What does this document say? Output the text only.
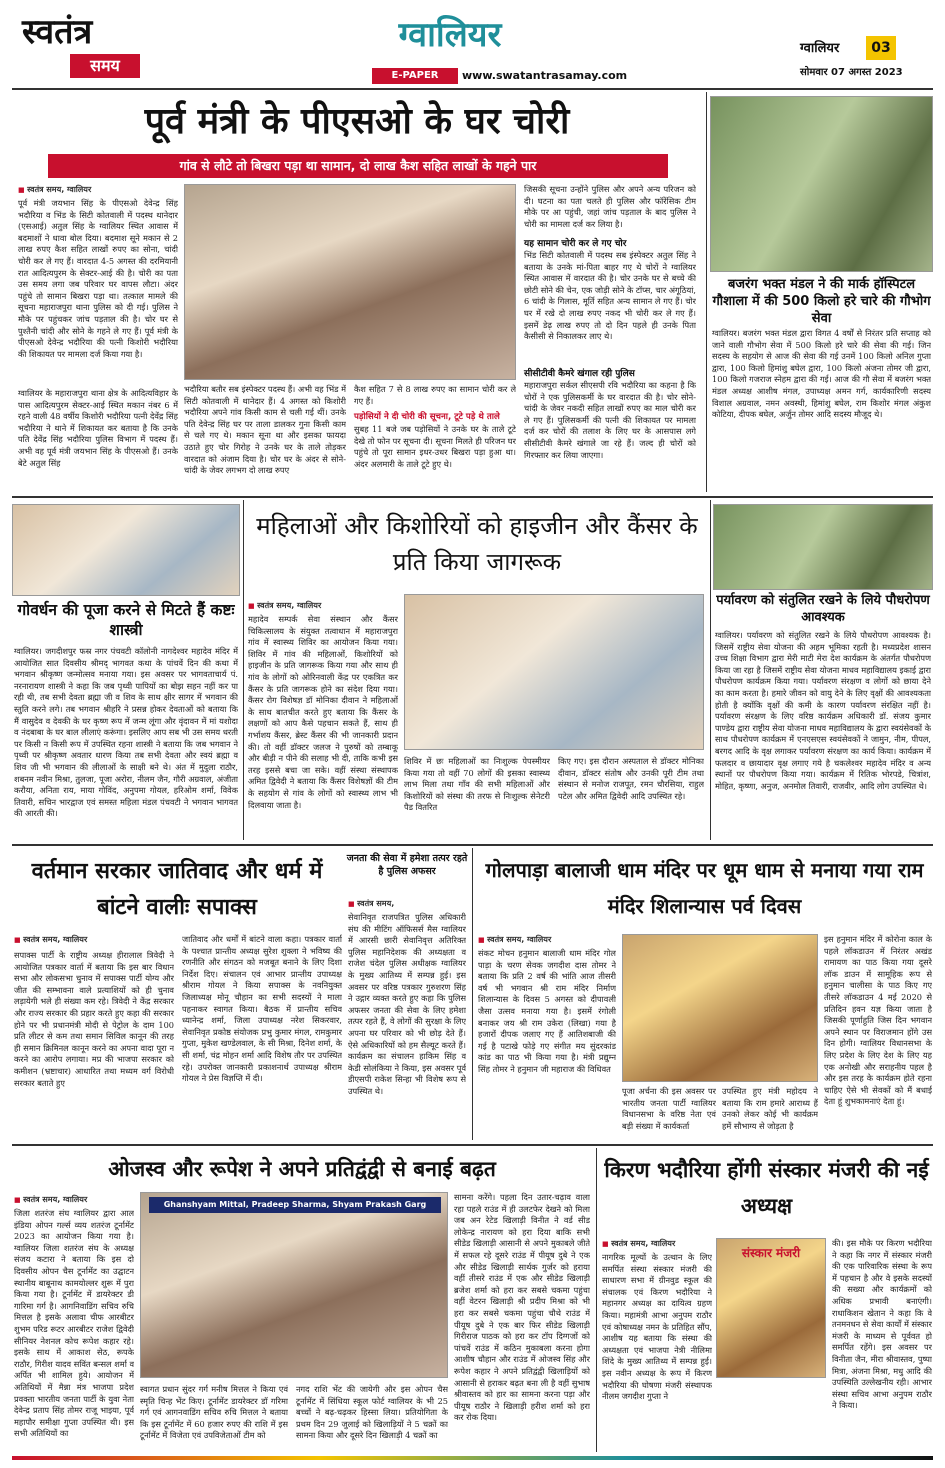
स्वतंत्र
समय
ग्वालियर
E-PAPER	www.swatantrasamay.com
ग्वालियर	03
सोमवार 07 अगस्त 2023
पूर्व मंत्री के पीएसओ के घर चोरी
गांव से लौटे तो बिखरा पड़ा था सामान, दो लाख कैश सहित लाखों के गहने पार
■ स्वतंत्र समय, ग्वालियर
पूर्व मंत्री जयभान सिंह के पीएसओ देवेन्द्र सिंह भदौरिया व भिंड के सिटी कोतवाली में पदस्थ थानेदार (एसआई) अतुल सिंह के ग्वालियर स्थित आवास में बदमाशों ने धावा बोल दिया। बदमाश सूने मकान से 2 लाख रुपए कैश सहित लाखों रुपए का सोना, चांदी चोरी कर ले गए हैं। वारदात 4-5 अगस्त की दरमियानी रात आदित्यपुरम के सेक्टर-आई की है। चोरी का पता उस समय लगा जब परिवार घर वापस लौटा। अंदर पहुंचे तो सामान बिखरा पड़ा था। तत्काल मामले की सूचना महाराजपुरा थाना पुलिस को दी गई। पुलिस ने मौके पर पहुंचकर जांच पड़ताल की है। चोर घर से पुश्तैनी चांदी और सोने के गहने ले गए हैं। पूर्व मंत्री के पीएसओ देवेन्द्र भदौरिया की पत्नी किशोरी भदौरिया की शिकायत पर मामला दर्ज किया गया है।
ग्वालियर के महाराजपुरा थाना क्षेत्र के आदित्यविहार के पास आदित्यपुरम सेक्टर-आई स्थित मकान नंबर 6 में रहने वाली 48 वर्षीय किशोरी भदौरिया पत्नी देवेंद्र सिंह भदौरिया ने थाने में शिकायत कर बताया है कि उनके पति देवेंद्र सिंह भदौरिया पुलिस विभाग में पदस्थ हैं। अभी वह पूर्व मंत्री जयभान सिंह के पीएसओ हैं। उनके बेटे अतुल सिंह
भदौरिया बतौर सब इंस्पेक्टर पदस्थ हैं। अभी वह भिंड में सिटी कोतवाली में थानेदार हैं। 4 अगस्त को किशोरी भदौरिया अपने गांव किसी काम से चली गई थीं। उनके पति देवेन्द्र सिंह घर पर ताला डालकर गुना किसी काम से चले गए थे। मकान सूना था और इसका फायदा उठाते हुए चोर गिरोह ने उनके घर के ताले तोड़कर वारदात को अंजाम दिया है। चोर घर के अंदर से सोने-चांदी के जेवर लगभग दो लाख रुपए
कैश सहित 7 से 8 लाख रुपए का सामान चोरी कर ले गए हैं।
पड़ोसियों ने दी चोरी की सूचना, टूटे पड़े थे ताले
सुबह 11 बजे जब पड़ोसियों ने उनके घर के ताले टूटे देखे तो फोन पर सूचना दी। सूचना मिलते ही परिजन घर पहुंचे तो पूरा सामान इधर-उधर बिखरा पड़ा हुआ था। अंदर अलमारी के ताले टूटे हुए थे।
जिसकी सूचना उन्होंने पुलिस और अपने अन्य परिजन को दी। घटना का पता चलते ही पुलिस और फॉरेंसिक टीम मौके पर आ पहुंची, जहां जांच पड़ताल के बाद पुलिस ने चोरी का मामला दर्ज कर लिया है।
यह सामान चोरी कर ले गए चोर
भिंड सिटी कोतवाली में पदस्थ सब इंस्पेक्टर अतुल सिंह ने बताया के उनके मां-पिता बाहर गए थे चोरों ने ग्वालियर स्थित आवास में वारदात की है। चोर उनके घर से बच्चे की छोटी सोने की चेन, एक जोड़ी सोने के टॉप्स, चार अंगूठियां, 6 चांदी के गिलास, मूर्ति सहित अन्य सामान ले गए हैं। चोर घर में रखे दो लाख रुपए नकद भी चोरी कर ले गए हैं। इसमें डेढ़ लाख रुपए तो दो दिन पहले ही उनके पिता कैसीसी से निकालकर लाए थे।
सीसीटीवी कैमरे खंगाल रही पुलिस
महाराजपुरा सर्कल सीएसपी रवि भदौरिया का कहना है कि चोरों ने एक पुलिसकर्मी के घर वारदात की है। चोर सोने-चांदी के जेवर नकदी सहित लाखों रुपए का माल चोरी कर ले गए हैं। पुलिसकर्मी की पत्नी की शिकायत पर मामला दर्ज कर चोरों की तलाश के लिए घर के आसपास लगे सीसीटीवी कैमरे खंगाले जा रहे हैं। जल्द ही चोरों को गिरफ्तार कर लिया जाएगा।
बजरंग भक्त मंडल ने की मार्क हॉस्पिटल गौशाला में की 500 किलो हरे चारे की गौभोग सेवा
ग्वालियर। बजरंग भक्त मंडल द्वारा विगत 4 वर्षों से निरंतर प्रति सप्ताह को जाने वाली गौभोग सेवा में 500 किलो हरे चारे की सेवा की गई। जिन सदस्य के सहयोग से आज की सेवा की गई उनमें 100 किलो अनिल गुप्ता द्वारा, 100 किलो हिमांशु बघेल द्वारा, 100 किलो अंजना तोमर जी द्वारा, 100 किलो गजराज स्नेहम द्वारा की गई। आज की गौ सेवा में बजरंग भक्त मंडल अध्यक्ष आशीष मंगल, उपाध्यक्ष अमन गर्ग, कार्यकारिणी सदस्य विशाल अग्रवाल, नमन अवस्थी, हिमांशु बघेल, राम किशोर मंगल अंकुश कोटिया, दीपक बघेल, अर्जुन तोमर आदि सदस्य मौजूद थे।
गोवर्धन की पूजा करने से मिटते हैं कष्टः शास्त्री
ग्वालियर। जगदीशपुर फस्र नगर पंचवटी कॉलोनी नागदेश्वर महादेव मंदिर में आयोजित सात दिवसीय श्रीमद् भागवत कथा के पांचवें दिन की कथा में भगवान श्रीकृष्ण जन्मोत्सव मनाया गया। इस अवसर पर भागवताचार्य पं. नरनारायण शास्त्री ने कहा कि जब पृथ्वी पापियों का बोझ सहन नहीं कर पा रही थी, तब सभी देवता ब्रह्मा जी व शिव के साथ क्षीर सागर में भगवान की स्तुति करने लगे। तब भगवान श्रीहरि ने प्रसन्न होकर देवताओं को बताया कि मैं वासुदेव व देवकी के घर कृष्ण रूप में जन्म लूंगा और वृंदावन में मां यशोदा व नंदबाबा के घर बाल लीलाएं करूंगा। इसलिए आप सब भी उस समय धरती पर किसी न किसी रूप में उपस्थित रहना शास्त्री ने बताया कि जब भगवान ने पृथ्वी पर श्रीकृष्ण अवतार धारण किया तब सभी देवता और स्वयं ब्रह्मा व शिव जी भी भगवान की लीलाओं के साक्षी बने थे। अंत में मुदुला राठौर, शबनम नवीन मिश्रा, तुलजा, पूजा अरोरा, नीलम जैन, गौरी अग्रवाल, अंजीता करौया, अनिता राय, माया गोविंद, अनुपमा गोयल, हरिओम शर्मा, विवेक तिवारी, सचिन भारद्वाज एवं समस्त महिला मंडल पंचवटी ने भगवान भागवत की आरती की।
महिलाओं और किशोरियों को हाइजीन और कैंसर के प्रति किया जागरूक
■ स्वतंत्र समय, ग्वालियर
महादेव सम्पर्क सेवा संस्थान और कैंसर चिकित्सालय के संयुक्त तत्वाधान में महाराजपुरा गांव में स्वास्थ्य शिविर का आयोजन किया गया। शिविर में गांव की महिलाओं, किशोरियों को हाइजीन के प्रति जागरूक किया गया और साथ ही गांव के लोगों को ओरिनवाली केंद्र पर एकत्रित कर कैंसर के प्रति जागरूक होने का संदेश दिया गया। कैंसर रोग विशेषज्ञ डॉ मोनिका दीवान ने महिलाओं के साथ बातचीत करते हुए बताया कि कैंसर के लक्षणों को आप कैसे पहचान सकते हैं, साथ ही गर्भाशय कैंसर, ब्रेस्ट कैंसर की भी जानकारी प्रदान की। तो वहीं डॉक्टर जलज ने पुरुषों को तम्बाकू और बीड़ी न पीने की सलाह भी दी, ताकि कभी इस तरह इससे बचा जा सके। वहीं संस्था संस्थापक अमित द्विवेदी ने बताया कि कैंसर विशेषज्ञों की टीम के सहयोग से गांव के लोगों को स्वास्थ्य लाभ भी दिलवाया जाता है।
शिविर में छः महिलाओं का निःशुल्क पेपस्मीयर किया गया तो वहीं 70 लोगों की इसका स्वास्थ्य लाभ मिला तथा गाँव की सभी महिलाओं और किशोरियों को संस्था की तरफ से निःशुल्क सेनेटरी पैड वितरित
किए गए। इस दौरान अस्पताल से डॉक्टर मोनिका दीवान, डॉक्टर संतोष और उनकी पूरी टीम तथा संस्थान से मनोज राजपूत, रमन चौरसिया, राहुल पटेल और अमित द्विवेदी आदि उपस्थित रहे।
पर्यावरण को संतुलित रखने के लिये पौधरोपण आवश्यक
ग्वालियर। पर्यावरण को संतुलित रखने के लिये पौधरोपण आवश्यक है। जिसमें राष्ट्रीय सेवा योजना की अहम भूमिका रहती है। मध्यप्रदेश शासन उच्च शिक्षा विभाग द्वारा मेरी माटी मेरा देश कार्यक्रम के अंतर्गत पौधरोपण किया जा रहा है जिसमें राष्ट्रीय सेवा योजना माधव महाविद्यालय इकाई द्वारा पौधरोपण कार्यक्रम किया गया। पर्यावरण संरक्षण व लोगों को छाया देने का काम करता है। हमारे जीवन को वायु देने के लिए वृक्षों की आवश्यकता होती है क्योंकि वृक्षों की कमी के कारण पर्यावरण संरक्षित नहीं है। पर्यावरण संरक्षण के लिए वरिष्ठ कार्यक्रम अधिकारी डॉ. संजय कुमार पाण्डेय द्वारा राष्ट्रीय सेवा योजना माधव महाविद्यालय के द्वारा स्वयंसेवकों के साथ पौधरोपण कार्यक्रम में एनएसएस स्वयंसेवकों ने जामुन, नीम, पीपल, बरगद आदि के वृक्ष लगाकर पर्यावरण संरक्षण का कार्य किया। कार्यक्रम में फलदार व छायादार वृक्ष लगाए गये है चकलेश्वर महादेव मंदिर व अन्य स्थानों पर पौधरोपण किया गया। कार्यक्रम में रितिक भोरपडे, चित्रांश, मोहित, कृष्णा, अनुज, अनमोल तिवारी, राजवीर, आदि लोग उपस्थित थे।
वर्तमान सरकार जातिवाद और धर्म में बांटने वालीः सपाक्स
■ स्वतंत्र समय, ग्वालियर
सपाक्स पार्टी के राष्ट्रीय अध्यक्ष हीरालाल त्रिवेदी ने आयोजित पत्रकार वार्ता में बताया कि इस बार विधान सभा और लोकसभा चुनाव में सपाक्स पार्टी योग्य और जीत की सम्भावना वाले प्रत्याशियों को ही चुनाव लड़ायेगी भले ही संख्या कम रहे। त्रिवेदी ने केंद्र सरकार और राज्य सरकार की प्रहार करते हुए कहा की सरकार होने पर भी प्रधानमंत्री मोदी से पेट्रोल के दाम 100 प्रति लीटर से कम तथा समान सिविल कानून की तरह ही समान क्रिमिनल कानून करने का अपना वादा पूरा न करने का आरोप लगाया। मप्र की भाजपा सरकार को कमीशन (भ्रष्टाचार) आधारित तथा मध्यम वर्ग विरोधी सरकार बताते हुए
जातिवाद और धर्मों में बांटने वाला कहा। पत्रकार वार्ता के पश्चात प्रान्तीय अध्यक्ष सुरेश शुक्ला ने भविष्य की रणनीति और संगठन को मजबूत बनाने के लिए दिशा निर्देश दिए। संचालन एवं आभार प्रान्तीय उपाध्यक्ष श्रीराम गोयल ने किया सपाक्स के नवनियुक्त जिलाध्यक्ष मोनू चौहान का सभी सदस्यों ने माला पहनाकर स्वागत किया। बैठक में प्रान्तीय सचिव ध्यानेन्द्र शर्मा, जिला उपाध्यक्ष नरेश सिकरवार, सेवानिवृत प्रकोष्ठ संयोजक प्रभु कुमार मंगल, रामकुमार गुप्ता, मुकेश खण्डेलवाल, के सी मिश्रा, दिनेश शर्मा, के सी शर्मा, चंद्र मोहन शर्मा आदि विशेष तौर पर उपस्थित रहे। उपरोक्त जानकारी प्रकाशनार्थ उपाध्यक्ष श्रीराम गोयल ने प्रेस विज्ञप्ति में दी।
जनता की सेवा में हमेशा तत्पर रहते है पुलिस अफसर
■ स्वतंत्र समय,
सेवानिवृत राजपत्रित पुलिस अधिकारी संघ की मीटिंग ऑफिसर्स मैस ग्वालियर में आरसी छारी सेवानिवृत्त अतिरिक्त पुलिस महानिदेशक की अध्यक्षता व राजेश चंदेल पुलिस अधीक्षक ग्वालियर के मुख्य आतिथ्य में सम्पन्न हुई। इस अवसर पर वरिष्ठ पत्रकार गुरुशरण सिंह ने उद्गार व्यक्त करते हुए कहा कि पुलिस अफसर जनता की सेवा के लिए हमेशा तत्पर रहते हैं, वे लोगों की सुरक्षा के लिए अपना घर परिवार को भी छोड़ देते हैं। ऐसे अधिकारियों को हम सैल्यूट करते हैं। कार्यक्रम का संचालन हाकिम सिंह व केडी सोलंकिया ने किया, इस अवसर पूर्व डीएसपी राकेश सिन्हा भी विशेष रूप से उपस्थित थे।
गोलपाड़ा बालाजी धाम मंदिर पर धूम धाम से मनाया गया राम मंदिर शिलान्यास पर्व दिवस
■ स्वतंत्र समय, ग्वालियर
संकट मोचन हनुमान बालाजी धाम मंदिर गोल पाड़ा के चरण सेवक जगदीश दास तोमर ने बताया कि प्रति 2 वर्ष की भांति आज तीसरी वर्ष भी भगवान श्री राम मंदिर निर्माण शिलान्यास के दिवस 5 अगस्त को दीपावली जैसा उत्सव मनाया गया है। इसमें रंगोली बनाकर जय श्री राम उकेरा (लिखा) गया है हजारों दीपक जलाए गए हैं आतिशबाजी की गई है पटाखे फोड़े गए संगीत मय सुंदरकांड कांड का पाठ भी किया गया है। मंत्री प्रद्युम्न सिंह तोमर ने हनुमान जी महाराज की विधिवत
पूजा अर्चना की इस अवसर पर भारतीय जनता पार्टी ग्वालियर विधानसभा के वरिष्ठ नेता एवं बड़ी संख्या में कार्यकर्ता
उपस्थित हुए मंत्री महोदय ने बताया कि राम हमारे आराध्य हैं उनको लेकर कोई भी कार्यक्रम हमें सौभाग्य से जोड़ता है
इस हनुमान मंदिर में कोरोना काल के पहले लॉकडाउन में निरंतर अखंड रामायण का पाठ किया गया दूसरे लॉक डाउन में सामूहिक रूप से हनुमान चालीसा के पाठ किए गए तीसरे लॉकडाउन 4 मई 2020 से प्रतिदिन हवन यज्ञ किया जाता है जिसकी पूर्णाहुति जिस दिन भगवान अपने स्थान पर विराजमान होंगे उस दिन होगी। ग्वालियर विधानसभा के लिए प्रदेश के लिए देश के लिए यह एक अनोखी और सराहनीय पहल है और इस तरह के कार्यक्रम होते रहना चाहिए ऐसे भी सेवकों को मैं बधाई देता हूं शुभकामनाएं देता हूं।
ओजस्व और रूपेश ने अपने प्रतिद्वंद्वी से बनाई बढ़त
■ स्वतंत्र समय, ग्वालियर
जिला शतरंज संघ ग्वालियर द्वारा आल इंडिया ओपन गर्ल्स व्यय शतरंज टूर्नामेंट 2023 का आयोजन किया गया है। ग्वालियर जिला शतरंज संघ के अध्यक्ष संजय कटारा ने बताया कि इस दो दिवसीय ओपन चैस टूर्नामेंट का उद्घाटन स्थानीय बाबूनाथ कामयोल्लर शुरू में पुरा किया गया है। टूर्नामेंट में डायरेक्टर डी गारिमा गर्ग है। आगनिवाडिंग सचिव रुचि मित्तल है इसके अलावा चीफ आरबीटर शुभम परिड रूटर आरबीटर राजेश द्विवेदी सीनियर नेशनल कोच रूपेश कहार रहे। इसके साथ में आकाश सेठ, रूपके राठौर, गिरीश यादव सविंत बन्सल शर्मा व अर्पित भी शामिल हुये। आयोजन में अतिथियों में मैन्ना मंत्र भाजपा प्रदेश प्रवक्ता भारतीय जनता पार्टी के युवा नेता देवेन्द्र प्रताप सिंह तोमर राजू भाइया, पूर्व महापौर समीक्षा गुप्ता उपस्थित थी। इस सभी अतिथियों का
Ghanshyam Mittal, Pradeep Sharma, Shyam Prakash Garg
स्वागत प्रधान सुंदर गर्ग मनीष मित्तल ने किया एवं स्मृति चिन्ह भेंट किए। टूर्नामेंट डायरेक्टर डॉ गरिमा गर्ग एवं आगनवाडिंग सचिव रुचि मित्तल ने बताया कि इस टूर्नामेंट में 60 हजार रुपए की राशि में इस टूर्नामेंट में विजेता एवं उपविजेताओं टीम को
नगद राशि भेंट की जायेगी और इस ओपन चैस टूर्नामेंट में सिंधिया स्कूल फोर्ट ग्वालियर के भी 25 बच्चों ने बढ़-चढ़कर हिस्सा लिया। प्रतियोगिता के प्रथम दिन 29 जुलाई को खिलाड़ियों ने 5 चक्रों का सामना किया और दूसरे दिन खिलाड़ी 4 चक्रों का
सामना करेंगे। पहला दिन उतार-चढ़ाव वाला रहा पहले राउंड में ही उलटफेर देखने को मिला जब अन रेटेड खिलाड़ी विनीत ने वर्ड सीड लोकेन्द्र नारायण को हरा दिया बाकि सभी सीडेड खिलाड़ी आसानी से अपने मुकाबले जीते में सफल रहे दूसरे राउंड में पीयूष दुबे ने एक और सीडेड खिलाड़ी सार्थक गुर्जर को हराया वहीं तीसरे राउंड में एक और सीडेड खिलाड़ी ब्रजेश शर्मा को हरा कर सबसे चकमा पहुंचा वहीं वेटरन खिलाड़ी श्री प्रदीप मिश्रा को भी हरा कर सबसे चकमा पहुंचा चौथे राउंड में पीयूष दुबे ने एक बार फिर सीडेड खिलाड़ी गिरीराज पाठक को हरा कर टॉप दिग्गजों को पांचवें राउंड में कठिन मुकाबला करना होगा आशीष चौहान और राउंड में ओजस्व सिंह और रूपेश कहार ने अपने प्रतिद्वंद्वी खिलाड़ियों को आसानी से हराकर बढ़त बना ली है वहीं सुभाष श्रीवास्तव को हार का सामना करना पड़ा और पीयूष राठौर ने खिलाड़ी हरीश शर्मा को हरा कर रोक दिया।
किरण भदौरिया होंगी संस्कार मंजरी की नई अध्यक्ष
■ स्वतंत्र समय, ग्वालियर
नागरिक मूल्यों के उत्थान के लिए समर्पित संस्था संस्कार मंजरी की साधारण सभा में ग्रीनवुड स्कूल की संचालक एवं किरण भदौरिया ने महानगर अध्यक्ष का दायित्व ग्रहण किया। महामंत्री आभा अनुपम राठौर एवं कोषाध्यक्ष नमन के प्रतिहित सौंप, आशीष यह बताया कि संस्था की अध्यक्षता एवं भाजपा नेत्री नीलिमा शिंदे के मुख्य आतिथ्य में सम्पन्न हुई। इस नवीन अध्यक्ष के रूप में किरण भदौरिया की घोषणा मंजरी संस्थापक नीलम जगदीश गुप्ता ने
संस्कार मंजरी
की। इस मौके पर किरण भदौरिया ने कहा कि नगर में संस्कार मंजरी की एक पारिवारिक संस्था के रूप में पहचान है और वे इसके सदस्यों की सख्या और कार्यक्रमों को अधिक प्रभावी बनाएंगी। राधाकिशन खेतान ने कहा कि वे तनमनधन से सेवा कार्यों में संस्कार मंजरी के माध्यम से पूर्ववत हो समर्पित रहेंगे। इस अवसर पर विनीता जैन, मीरा श्रीवास्तव, पुष्पा मित्रा, अंजना मिश्रा, मधु आदि की उपस्थिति उल्लेखनीय रही। आभार संस्था सचिव आभा अनुपम राठौर ने किया।
